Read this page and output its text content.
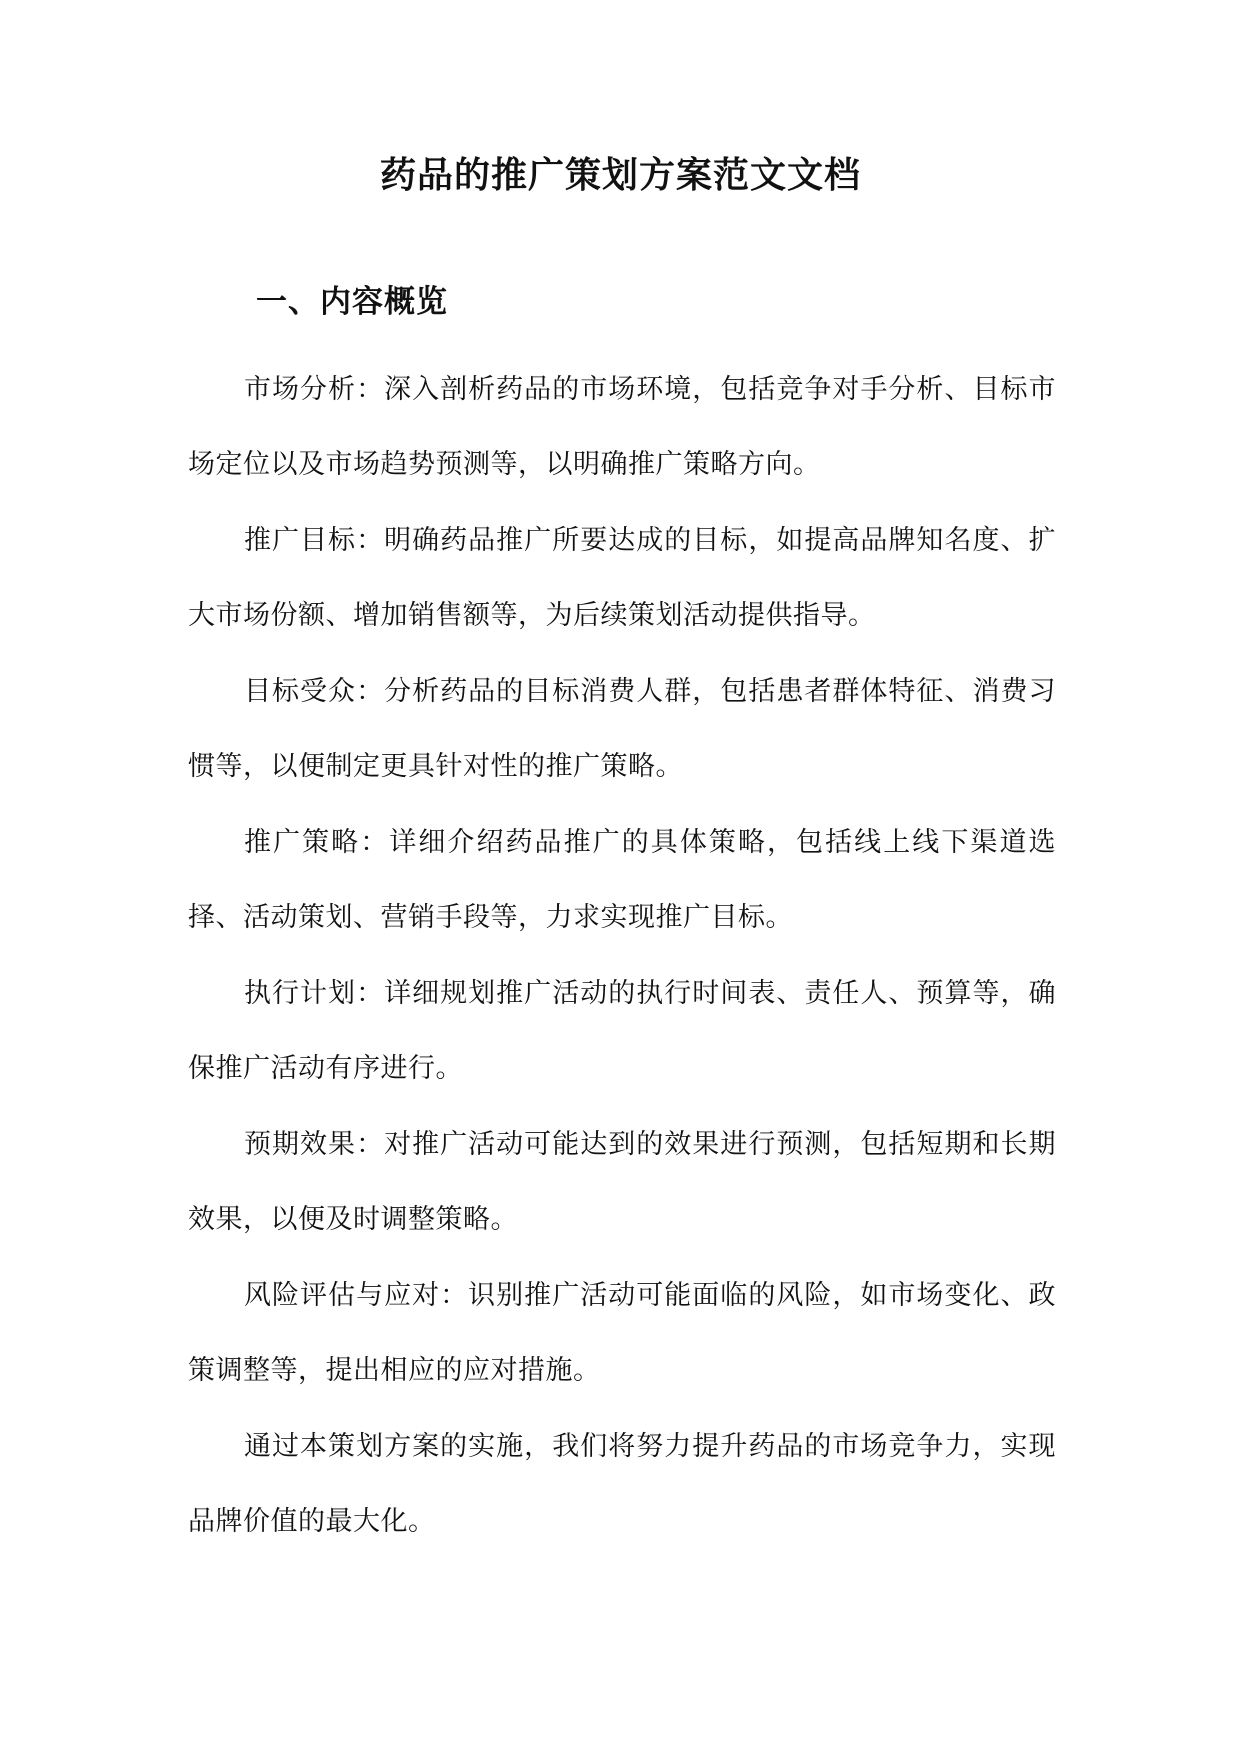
药品的推广策划方案范文文档
一、内容概览

市场分析：深入剖析药品的市场环境，包括竞争对手分析、目标市场定位以及市场趋势预测等，以明确推广策略方向。

推广目标：明确药品推广所要达成的目标，如提高品牌知名度、扩大市场份额、增加销售额等，为后续策划活动提供指导。

目标受众：分析药品的目标消费人群，包括患者群体特征、消费习惯等，以便制定更具针对性的推广策略。

推广策略：详细介绍药品推广的具体策略，包括线上线下渠道选择、活动策划、营销手段等，力求实现推广目标。

执行计划：详细规划推广活动的执行时间表、责任人、预算等，确保推广活动有序进行。

预期效果：对推广活动可能达到的效果进行预测，包括短期和长期效果，以便及时调整策略。

风险评估与应对：识别推广活动可能面临的风险，如市场变化、政策调整等，提出相应的应对措施。

通过本策划方案的实施，我们将努力提升药品的市场竞争力，实现品牌价值的最大化。
